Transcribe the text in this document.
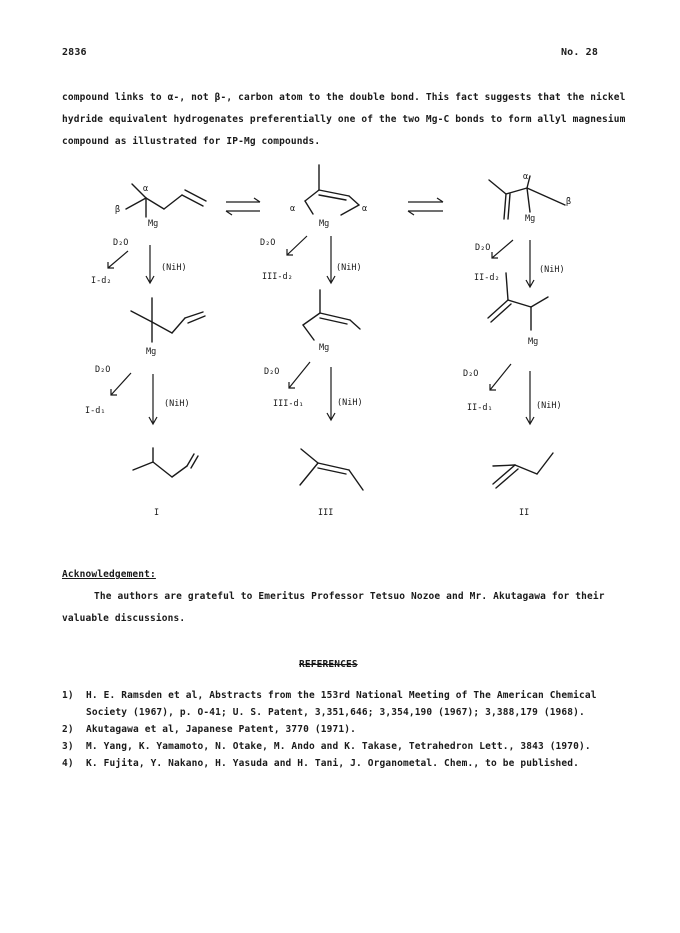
2836	No. 28
compound links to α-, not β-, carbon atom to the double bond. This fact suggests that the nickel
hydride equivalent hydrogenates preferentially one of the two Mg-C bonds to form allyl magnesium
compound as illustrated for IP-Mg compounds.
α
β
Mg
α	α
Mg
α
β
Mg
D₂O
I-d₂
(NiH)
D₂O
III-d₂
(NiH)
D₂O
II-d₂
(NiH)
Mg	Mg
Mg
D₂O
I-d₁
(NiH)
D₂O
III-d₁	(NiH)
D₂O
II-d₁	(NiH)
I	III	II
Acknowledgement:
The authors are grateful to Emeritus Professor Tetsuo Nozoe and Mr. Akutagawa for their
valuable discussions.
REFERENCES
1) H. E. Ramsden et al, Abstracts from the 153rd National Meeting of The American Chemical
Society (1967), p. O-41; U. S. Patent, 3,351,646; 3,354,190 (1967); 3,388,179 (1968).
2) Akutagawa et al, Japanese Patent, 3770 (1971).
3) M. Yang, K. Yamamoto, N. Otake, M. Ando and K. Takase, Tetrahedron Lett., 3843 (1970).
4) K. Fujita, Y. Nakano, H. Yasuda and H. Tani, J. Organometal. Chem., to be published.
